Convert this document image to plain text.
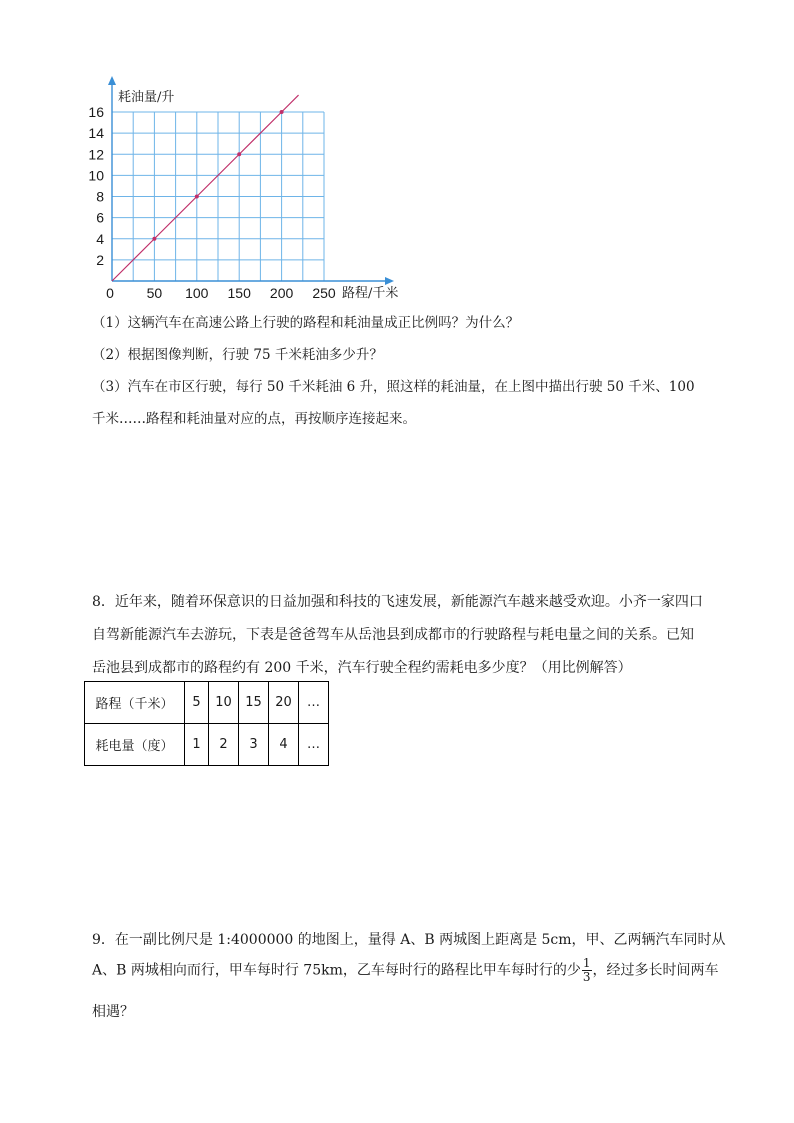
0 50 100 150 200 250
2
4
6
8
10
12
14
16
耗油量/升
路程/千米
（1）这辆汽车在高速公路上行驶的路程和耗油量成正比例吗？为什么？
（2）根据图像判断，行驶 75 千米耗油多少升？
（3）汽车在市区行驶，每行 50 千米耗油 6 升，照这样的耗油量，在上图中描出行驶 50 千米、100
千米……路程和耗油量对应的点，再按顺序连接起来。
8．近年来，随着环保意识的日益加强和科技的飞速发展，新能源汽车越来越受欢迎。小齐一家四口自驾新能源汽车去游玩，下表是爸爸驾车从岳池县到成都市的行驶路程与耗电量之间的关系。已知岳池县到成都市的路程约有 200 千米，汽车行驶全程约需耗电多少度？（用比例解答）
路程（千米）	5	10	15	20	…
耗电量（度）	1	2	3	4	…
9．在一副比例尺是 1:4000000 的地图上，量得 A、B 两城图上距离是 5cm，甲、乙两辆汽车同时从
A、B 两城相向而行，甲车每时行 75km，乙车每时行的路程比甲车每时行的少 $\frac{1}{3}$ ，经过多长时间两车
相遇？
